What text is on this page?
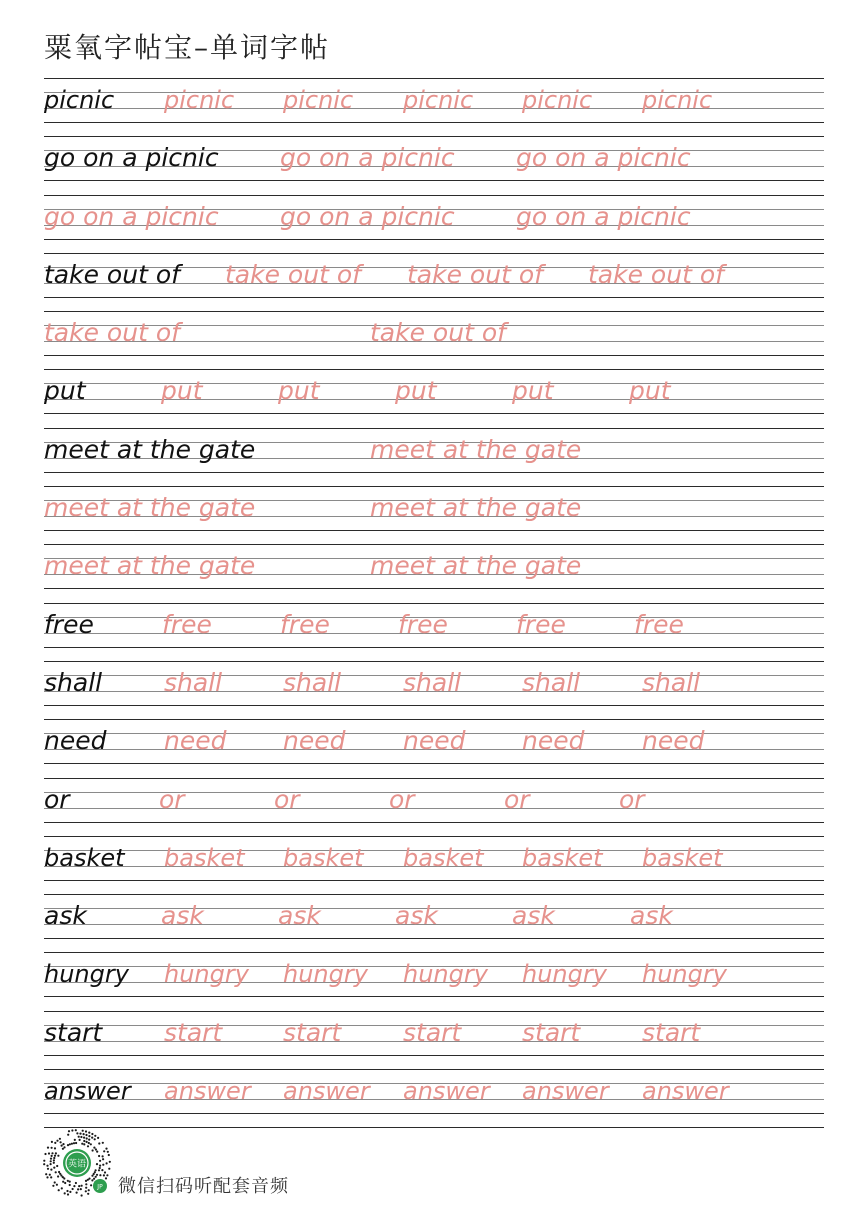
粟氧字帖宝–单词字帖
picnic picnic picnic picnic picnic picnic
go on a picnic go on a picnic go on a picnic
go on a picnic go on a picnic go on a picnic
take out of take out of take out of take out of
take out of	take out of
put	put	put	put	put	put
meet at the gate	meet at the gate
meet at the gate	meet at the gate
meet at the gate	meet at the gate
free	free	free	free	free	free
shall shall shall shall shall shall
need need need need need need
or	or	or	or	or	or
basket basket basket basket basket basket
ask	ask	ask	ask	ask	ask
hungry hungry hungry hungry hungry hungry
start start start start start start
answer answer answer answer answer answer
英语
JP 微信扫码听配套音频
